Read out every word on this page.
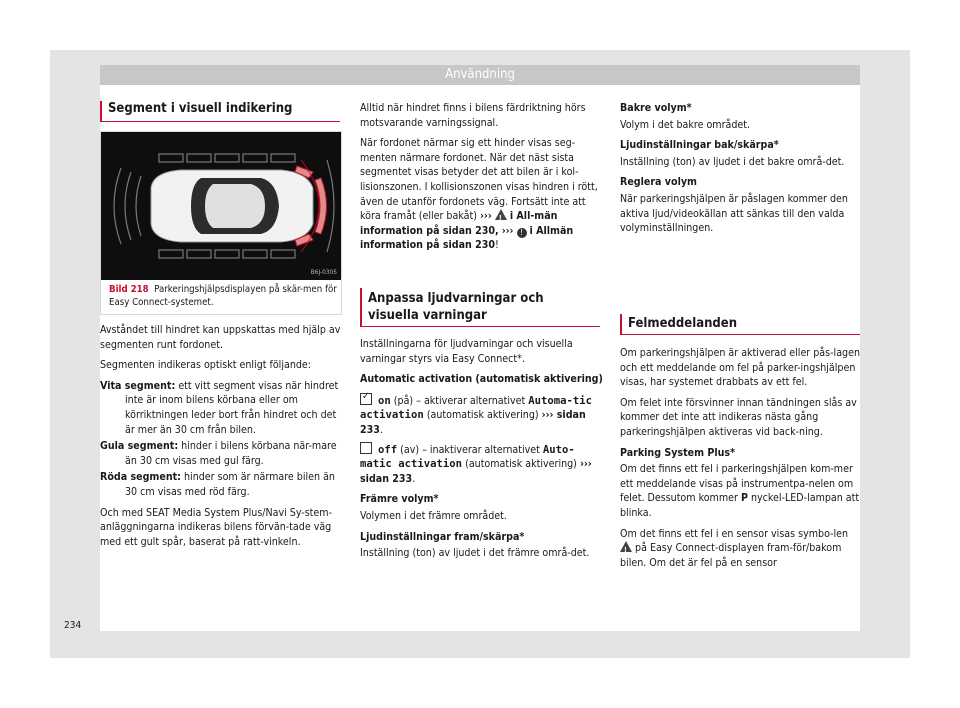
Användning
Segment i visuell indikering
B6J-0305
Bild 218 Parkeringshjälpsdisplayen på skär-men för Easy Connect-systemet.

Avståndet till hindret kan uppskattas med hjälp av segmenten runt fordonet.

Segmenten indikeras optiskt enligt följande:

Vita segment: ett vitt segment visas när hindret inte är inom bilens körbana eller om körriktningen leder bort från hindret och det är mer än 30 cm från bilen.

Gula segment: hinder i bilens körbana när-mare än 30 cm visas med gul färg.

Röda segment: hinder som är närmare bilen än 30 cm visas med röd färg.

Och med SEAT Media System Plus/Navi Sy-stem-anläggningarna indikeras bilens förvän-tade väg med ett gult spår, baserat på ratt-vinkeln.

Alltid när hindret finns i bilens färdriktning hörs motsvarande varningssignal.

När fordonet närmar sig ett hinder visas seg-menten närmare fordonet. När det näst sista segmentet visas betyder det att bilen är i kol-lisionszonen. I kollisionszonen visas hindren i rött, även de utanför fordonets väg. Fortsätt inte att köra framåt (eller bakåt) ››› ! i All-män information på sidan 230, ››› ! i Allmän information på sidan 230!

Anpassa ljudvarningar och visuella varningar

Inställningarna för ljudvarningar och visuella varningar styrs via Easy Connect*.

Automatic activation (automatisk aktivering)

✓on (på) – aktiverar alternativet Automa-tic activation (automatisk aktivering) ››› sidan 233.

off (av) – inaktiverar alternativet Auto-matic activation (automatisk aktivering) ››› sidan 233.

Främre volym*

Volymen i det främre området.

Ljudinställningar fram/skärpa*

Inställning (ton) av ljudet i det främre områ-det.

Bakre volym*

Volym i det bakre området.

Ljudinställningar bak/skärpa*

Inställning (ton) av ljudet i det bakre områ-det.

Reglera volym

När parkeringshjälpen är påslagen kommer den aktiva ljud/videokällan att sänkas till den valda volyminställningen.

Felmeddelanden

Om parkeringshjälpen är aktiverad eller pås-lagen och ett meddelande om fel på parker-ingshjälpen visas, har systemet drabbats av ett fel.

Om felet inte försvinner innan tändningen slås av kommer det inte att indikeras nästa gång parkeringshjälpen aktiveras vid back-ning.

Parking System Plus*

Om det finns ett fel i parkeringshjälpen kom-mer ett meddelande visas på instrumentpa-nelen om felet. Dessutom kommer P nyckel-LED-lampan att blinka.

Om det finns ett fel i en sensor visas symbo-len ! på Easy Connect-displayen fram-för/bakom bilen. Om det är fel på en sensor

234
